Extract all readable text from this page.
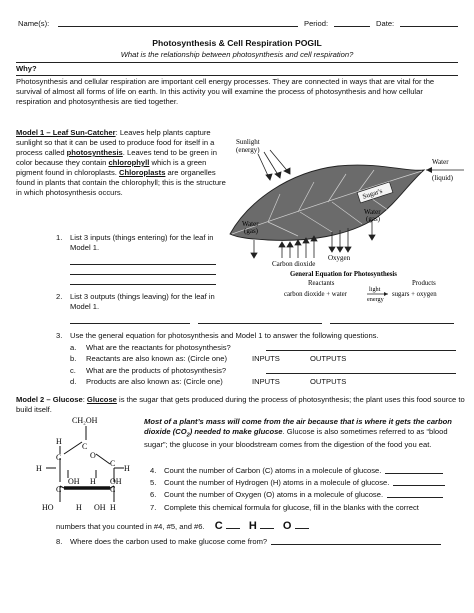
Name(s):	Period:	Date:
Photosynthesis & Cell Respiration POGIL
What is the relationship between photosynthesis and cell respiration?
Why?
Photosynthesis and cellular respiration are important cell energy processes. They are connected in ways that are vital for the survival of almost all forms of life on earth. In this activity you will examine the process of photosynthesis and how cellular respiration and photosynthesis are tied together.
Model 1 – Leaf Sun-Catcher: Leaves help plants capture sunlight so that it can be used to produce food for itself in a process called photosynthesis. Leaves tend to be green in color because they contain chlorophyll which is a green pigment found in chloroplasts. Chloroplasts are organelles found in plants that contain the chlorophyll; this is the structure in which photosynthesis occurs.
Sunlight
(energy)
Sugar's
Water
(liquid)
Water
(gas)
Water
(gas)
Carbon dioxide
Oxygen
General Equation for Photosynthesis
Reactants	Products
carbon dioxide + water
light
energy
sugars + oxygen
1.	List 3 inputs (things entering) for the leaf in Model 1.
2.	List 3 outputs (things leaving) for the leaf in Model 1.

3.	Use the general equation for photosynthesis and Model 1 to answer the following questions.
a. What are the reactants for photosynthesis?
b. Reactants are also known as: (Circle one)	INPUTS	OUTPUTS
c. What are the products of photosynthesis?
d. Products are also known as: (Circle one)	INPUTS	OUTPUTS
Model 2 – Glucose: Glucose is the sugar that gets produced during the process of photosynthesis; the plant uses this food source to build itself.
Most of a plant’s mass will come from the air because that is where it gets the carbon dioxide $(CO_2)$ needed to make glucose. Glucose is also sometimes referred to as “blood sugar”; the glucose in your bloodstream comes from the digestion of the food you eat.
CH₂OH
C
O
H
C
C
H	H
OH H OH
C	C
HO	H
H OH
4.	Count the number of Carbon (C) atoms in a molecule of glucose.
5.	Count the number of Hydrogen (H) atoms in a molecule of glucose.
6.	Count the number of Oxygen (O) atoms in a molecule of glucose.
7.	Complete this chemical formula for glucose, fill in the blanks with the correct
numbers that you counted in #4, #5, and #6. C H O
8.	Where does the carbon used to make glucose come from?
